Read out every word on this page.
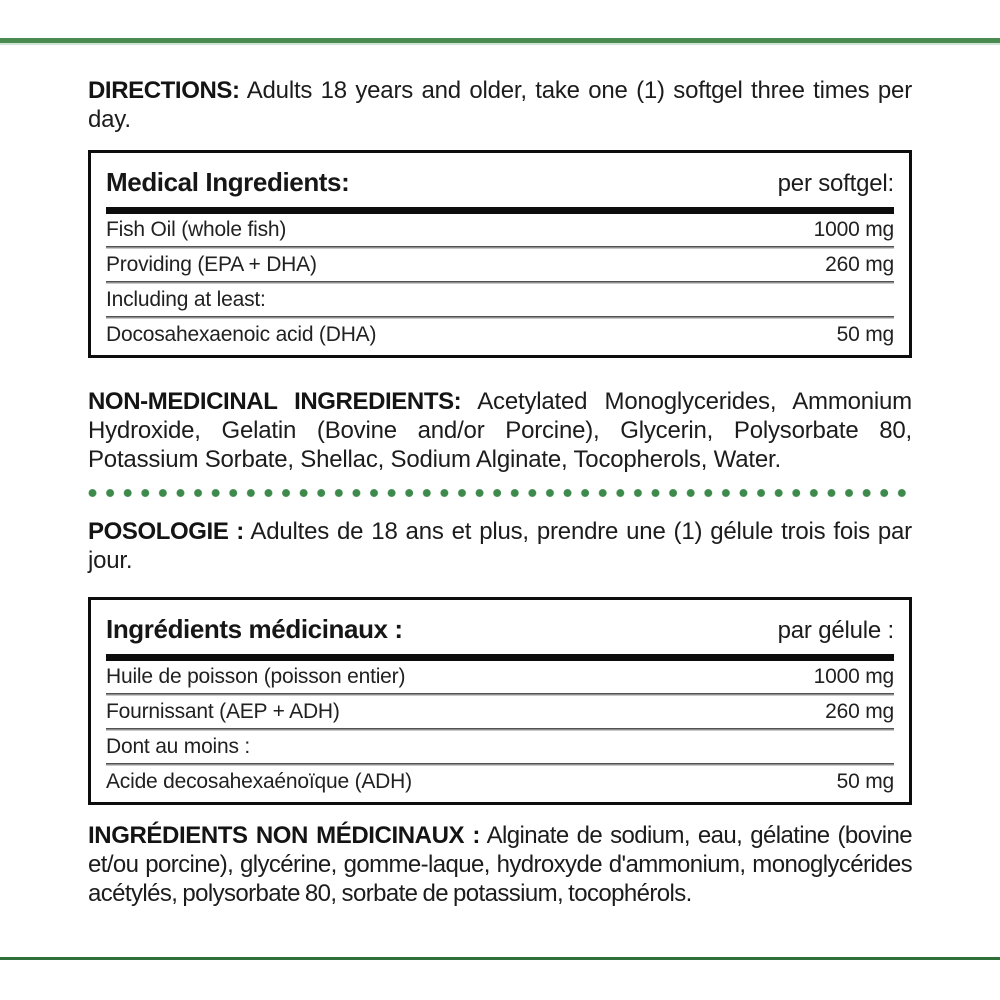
DIRECTIONS: Adults 18 years and older, take one (1) softgel three times per day.

Medical Ingredients:	per softgel:
Fish Oil (whole fish)	1000 mg
Providing (EPA + DHA)	260 mg
Including at least:
Docosahexaenoic acid (DHA)	50 mg

NON-MEDICINAL INGREDIENTS: Acetylated Monoglycerides, Ammonium Hydroxide, Gelatin (Bovine and/or Porcine), Glycerin, Polysorbate 80, Potassium Sorbate, Shellac, Sodium Alginate, Tocopherols, Water.

POSOLOGIE : Adultes de 18 ans et plus, prendre une (1) gélule trois fois par jour.

Ingrédients médicinaux :	par gélule :
Huile de poisson (poisson entier)	1000 mg
Fournissant (AEP + ADH)	260 mg
Dont au moins :
Acide decosahexaénoïque (ADH)	50 mg

INGRÉDIENTS NON MÉDICINAUX : Alginate de sodium, eau, gélatine (bovine et/ou porcine), glycérine, gomme-laque, hydroxyde d'ammonium, monoglycérides acétylés, polysorbate 80, sorbate de potassium, tocophérols.
